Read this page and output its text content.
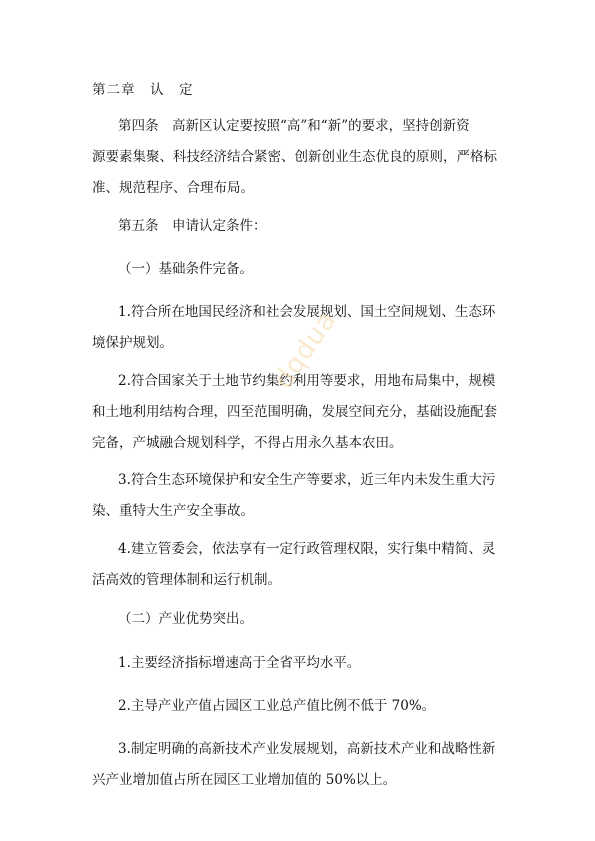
第二章　认　定
第四条　高新区认定要按照“高”和“新”的要求，坚持创新资
源要素集聚、科技经济结合紧密、创新创业生态优良的原则，严格标
准、规范程序、合理布局。
第五条　申请认定条件：
（一）基础条件完备。
1.符合所在地国民经济和社会发展规划、国土空间规划、生态环
境保护规划。
2.符合国家关于土地节约集约利用等要求，用地布局集中，规模
和土地利用结构合理，四至范围明确，发展空间充分，基础设施配套
完备，产城融合规划科学，不得占用永久基本农田。
3.符合生态环境保护和安全生产等要求，近三年内未发生重大污
染、重特大生产安全事故。
4.建立管委会，依法享有一定行政管理权限，实行集中精简、灵
活高效的管理体制和运行机制。
（二）产业优势突出。
1.主要经济指标增速高于全省平均水平。
2.主导产业产值占园区工业总产值比例不低于 70%。
3.制定明确的高新技术产业发展规划，高新技术产业和战略性新
兴产业增加值占所在园区工业增加值的 50%以上。
dqdua
